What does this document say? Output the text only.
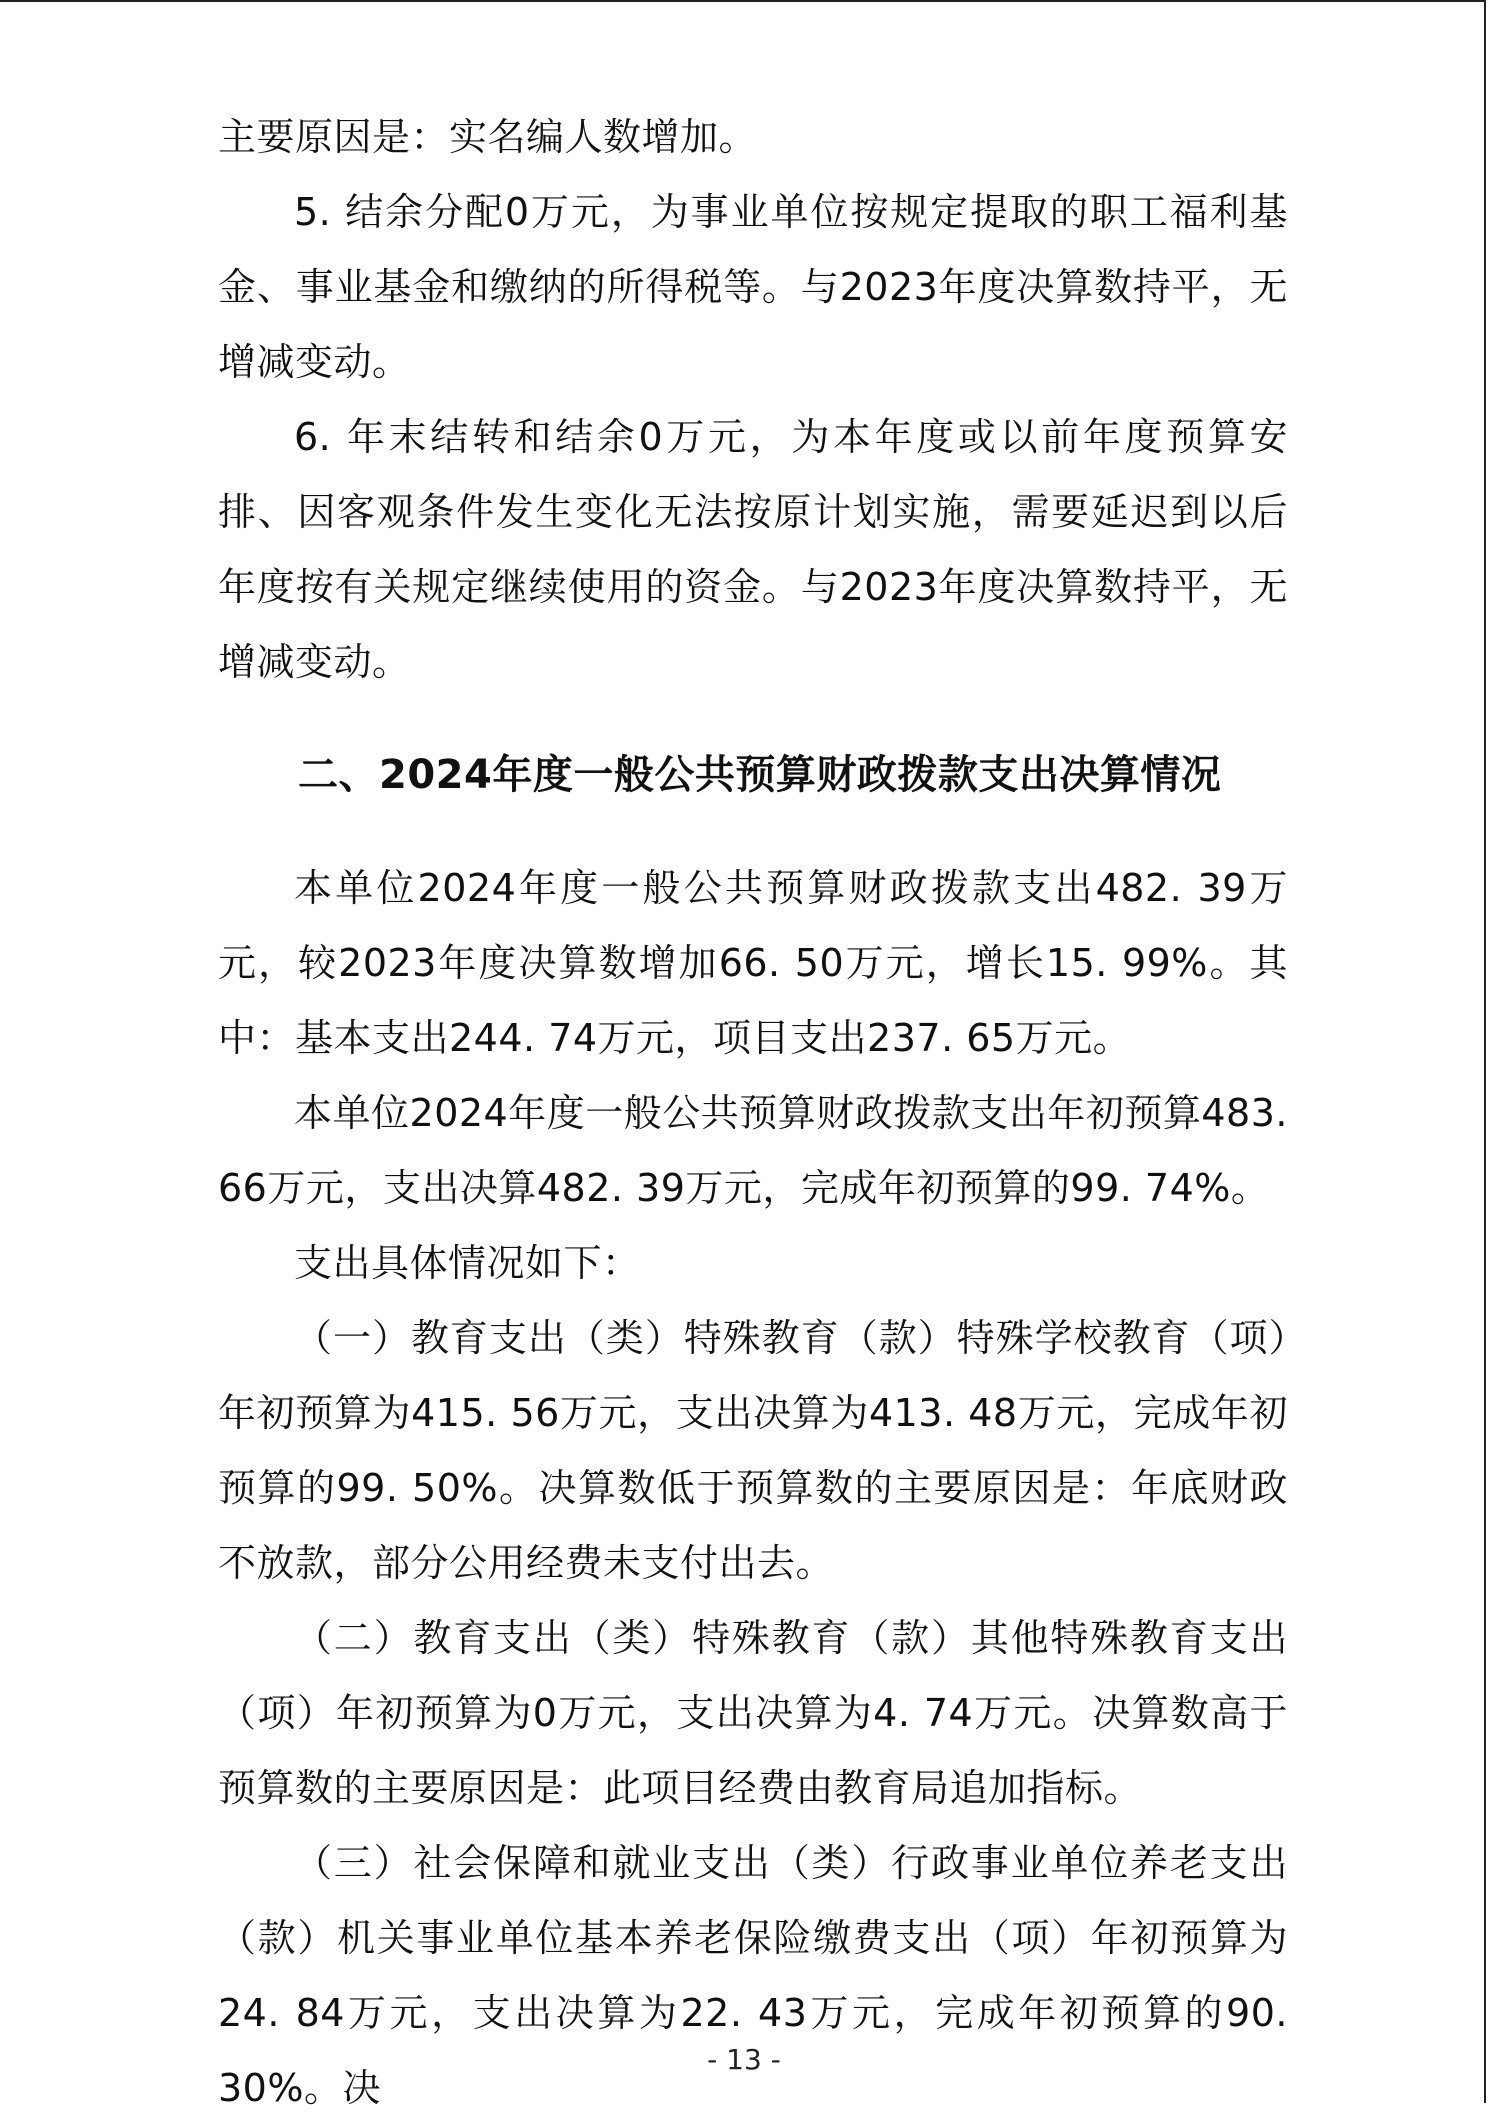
主要原因是：实名编人数增加。

5. 结余分配0万元，为事业单位按规定提取的职工福利基金、事业基金和缴纳的所得税等。与2023年度决算数持平，无增减变动。

6. 年末结转和结余0万元，为本年度或以前年度预算安排、因客观条件发生变化无法按原计划实施，需要延迟到以后年度按有关规定继续使用的资金。与2023年度决算数持平，无增减变动。

二、2024年度一般公共预算财政拨款支出决算情况

本单位2024年度一般公共预算财政拨款支出482. 39万元，较2023年度决算数增加66. 50万元，增长15. 99%。其中：基本支出244. 74万元，项目支出237. 65万元。

本单位2024年度一般公共预算财政拨款支出年初预算483. 66万元，支出决算482. 39万元，完成年初预算的99. 74%。

支出具体情况如下：

（一）教育支出（类）特殊教育（款）特殊学校教育（项）年初预算为415. 56万元，支出决算为413. 48万元，完成年初预算的99. 50%。决算数低于预算数的主要原因是：年底财政不放款，部分公用经费未支付出去。

（二）教育支出（类）特殊教育（款）其他特殊教育支出（项）年初预算为0万元，支出决算为4. 74万元。决算数高于预算数的主要原因是：此项目经费由教育局追加指标。

（三）社会保障和就业支出（类）行政事业单位养老支出（款）机关事业单位基本养老保险缴费支出（项）年初预算为24. 84万元，支出决算为22. 43万元，完成年初预算的90. 30%。决

- 13 -
